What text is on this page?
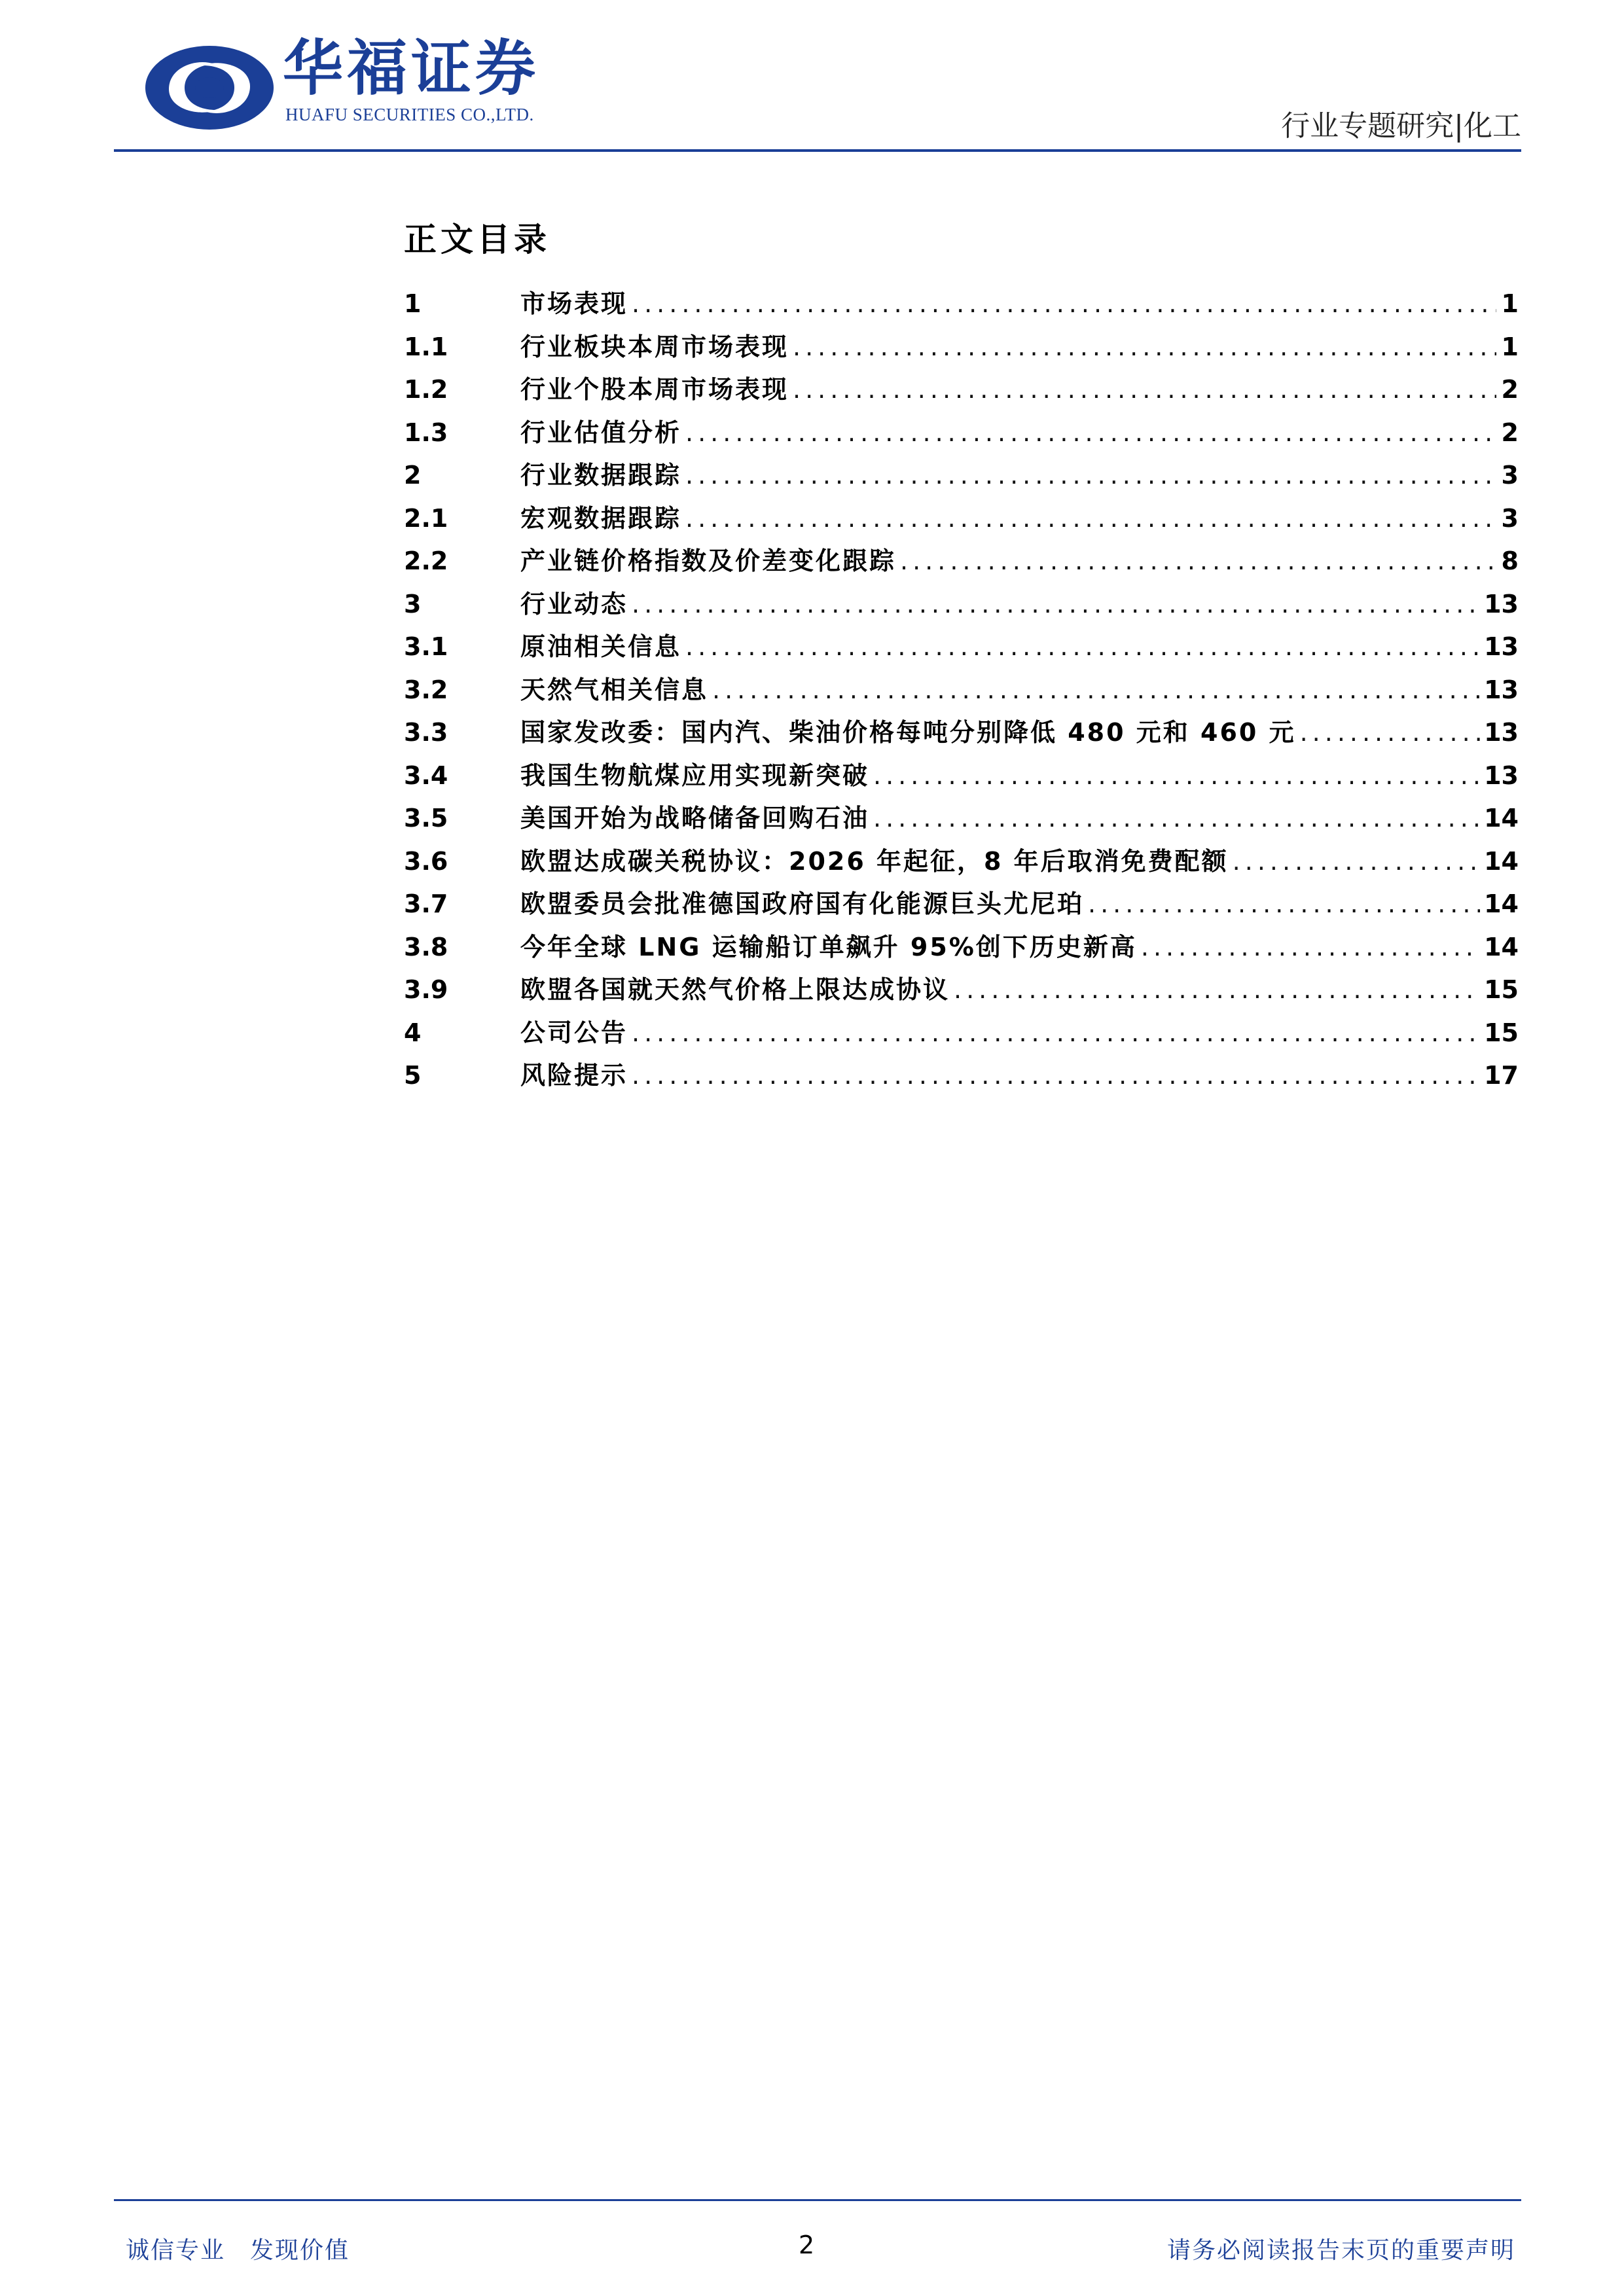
华福证券
HUAFU SECURITIES CO.,LTD.	行业专题研究|化工
正文目录
1	市场表现 .....	1
1.1	行业板块本周市场表现 .....	1
1.2	行业个股本周市场表现 .....	2
1.3	行业估值分析 .....	2
2	行业数据跟踪 .....	3
2.1	宏观数据跟踪 .....	3
2.2	产业链价格指数及价差变化跟踪 .....	8
3	行业动态 .....	13
3.1	原油相关信息 .....	13
3.2	天然气相关信息 .....	13
3.3	国家发改委：国内汽、柴油价格每吨分别降低 480 元和 460 元 .....	13
3.4	我国生物航煤应用实现新突破 .....	13
3.5	美国开始为战略储备回购石油 .....	14
3.6	欧盟达成碳关税协议：2026 年起征，8 年后取消免费配额 .....	14
3.7	欧盟委员会批准德国政府国有化能源巨头尤尼珀 .....	14
3.8	今年全球 LNG 运输船订单飙升 95%创下历史新高 .....	14
3.9	欧盟各国就天然气价格上限达成协议 .....	15
4	公司公告 .....	15
5	风险提示 .....	17
诚信专业 发现价值	2	请务必阅读报告末页的重要声明
